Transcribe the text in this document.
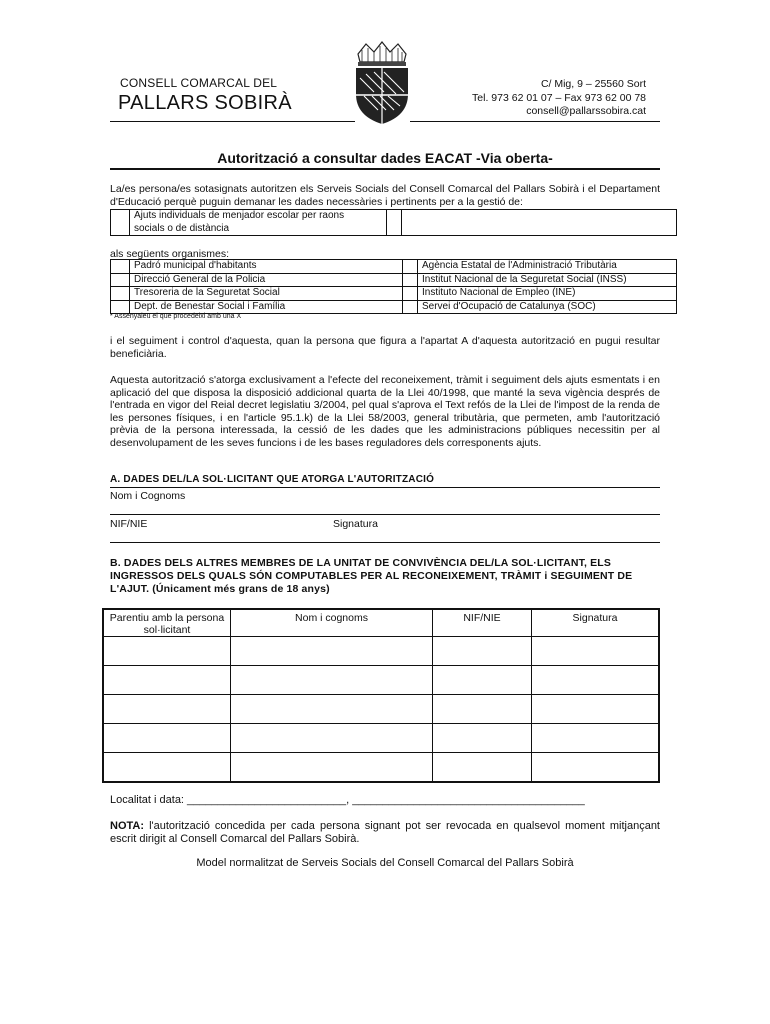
CONSELL COMARCAL DEL
PALLARS SOBIRÀ
C/ Mig, 9 – 25560 Sort
Tel. 973 62 01 07 – Fax 973 62 00 78
consell@pallarssobira.cat
Autorització a consultar dades EACAT -Via oberta-
La/es persona/es sotasignats autoritzen els Serveis Socials del Consell Comarcal del Pallars Sobirà i el Departament d'Educació perquè puguin demanar les dades necessàries i pertinents per a la gestió de:

Ajuts individuals de menjador escolar per raons
socials o de distància

als següents organismes:
	Padró municipal d'habitants		Agència Estatal de l'Administració Tributària
	Direcció General de la Policia		Institut Nacional de la Seguretat Social (INSS)
	Tresoreria de la Seguretat Social		Instituto Nacional de Empleo (INE)
	Dept. de Benestar Social i Família		Servei d'Ocupació de Catalunya (SOC)
* Assenyaleu el que procedeixi amb una X
i el seguiment i control d'aquesta, quan la persona que figura a l'apartat A d'aquesta autorització en pugui resultar beneficiària.
Aquesta autorització s'atorga exclusivament a l'efecte del reconeixement, tràmit i seguiment dels ajuts esmentats i en aplicació del que disposa la disposició addicional quarta de la Llei 40/1998, que manté la seva vigència després de l'entrada en vigor del Reial decret legislatiu 3/2004, pel qual s'aprova el Text refós de la Llei de l'impost de la renda de les persones físiques, i en l'article 95.1.k) de la Llei 58/2003, general tributària, que permeten, amb l'autorització prèvia de la persona interessada, la cessió de les dades que les administracions públiques necessitin per al desenvolupament de les seves funcions i de les bases reguladores dels corresponents ajuts.
A. DADES DEL/LA SOL·LICITANT QUE ATORGA L'AUTORITZACIÓ
Nom i Cognoms
NIF/NIE	Signatura
B. DADES DELS ALTRES MEMBRES DE LA UNITAT DE CONVIVÈNCIA DEL/LA SOL·LICITANT, ELS INGRESSOS DELS QUALS SÓN COMPUTABLES PER AL RECONEIXEMENT, TRÀMIT i SEGUIMENT DE L'AJUT. (Únicament més grans de 18 anys)
Parentiu amb la persona sol·licitant	Nom i cognoms	NIF/NIE	Signatura

Localitat i data: __________________________, ______________________________________
NOTA: l'autorització concedida per cada persona signant pot ser revocada en qualsevol moment mitjançant escrit dirigit al Consell Comarcal del Pallars Sobirà.
Model normalitzat de Serveis Socials del Consell Comarcal del Pallars Sobirà
